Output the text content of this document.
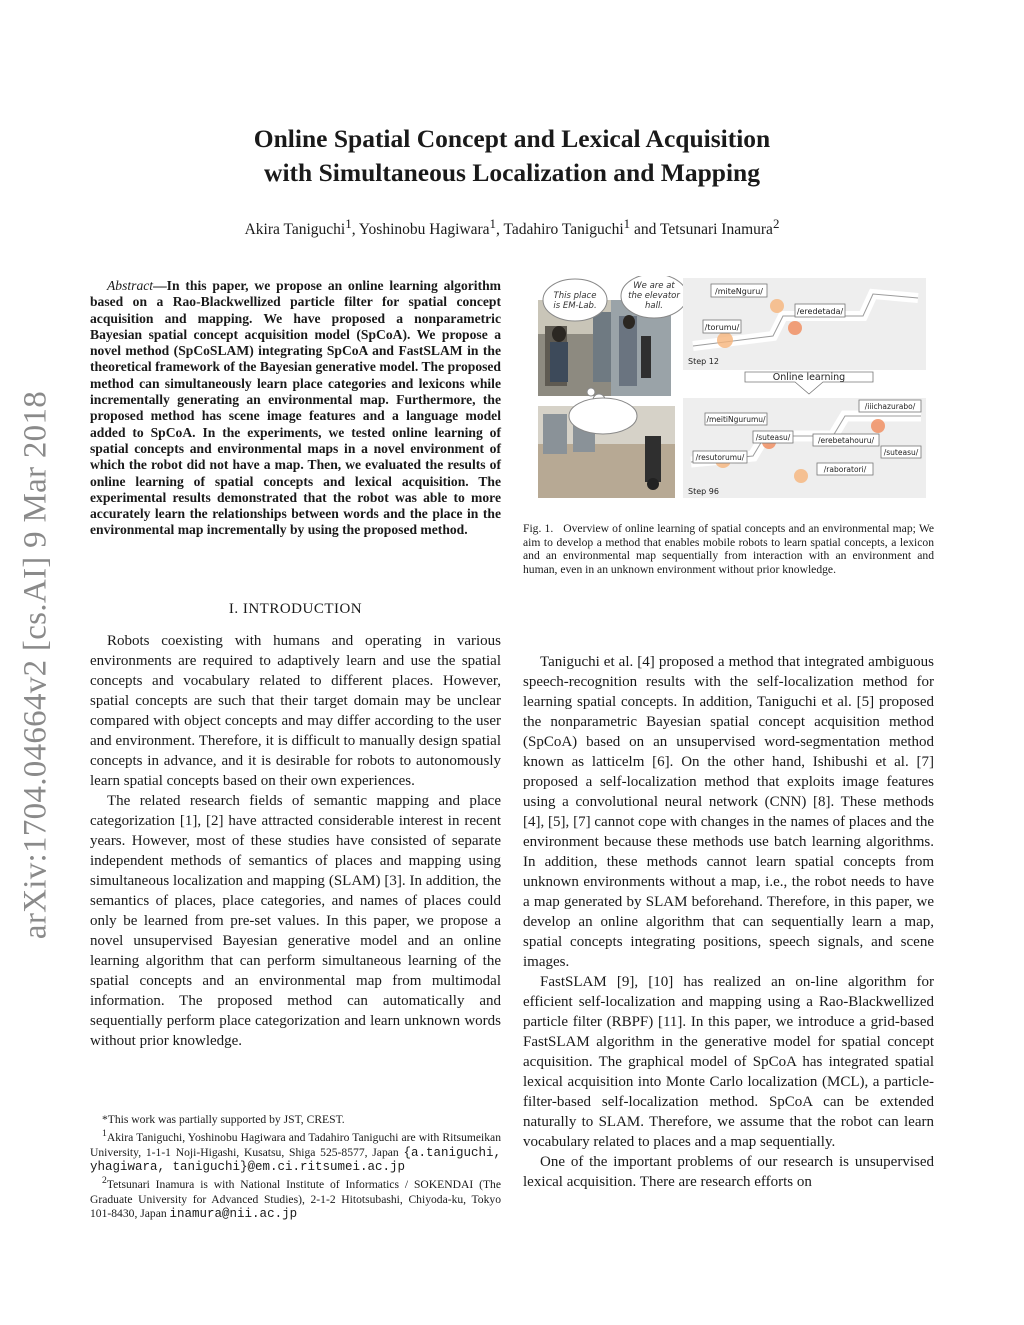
arXiv:1704.04664v2 [cs.AI] 9 Mar 2018
Online Spatial Concept and Lexical Acquisition
with Simultaneous Localization and Mapping
Akira Taniguchi$^1$, Yoshinobu Hagiwara$^1$, Tadahiro Taniguchi$^1$ and Tetsunari Inamura$^2$
Abstract—In this paper, we propose an online learning algorithm based on a Rao-Blackwellized particle filter for spatial concept acquisition and mapping. We have proposed a nonparametric Bayesian spatial concept acquisition model (SpCoA). We propose a novel method (SpCoSLAM) integrating SpCoA and FastSLAM in the theoretical framework of the Bayesian generative model. The proposed method can simultaneously learn place categories and lexicons while incrementally generating an environmental map. Furthermore, the proposed method has scene image features and a language model added to SpCoA. In the experiments, we tested online learning of spatial concepts and environmental maps in a novel environment of which the robot did not have a map. Then, we evaluated the results of online learning of spatial concepts and lexical acquisition. The experimental results demonstrated that the robot was able to more accurately learn the relationships between words and the place in the environmental map incrementally by using the proposed method.
I. INTRODUCTION

Robots coexisting with humans and operating in various environments are required to adaptively learn and use the spatial concepts and vocabulary related to different places. However, spatial concepts are such that their target domain may be unclear compared with object concepts and may differ according to the user and environment. Therefore, it is difficult to manually design spatial concepts in advance, and it is desirable for robots to autonomously learn spatial concepts based on their own experiences.

The related research fields of semantic mapping and place categorization [1], [2] have attracted considerable interest in recent years. However, most of these studies have consisted of separate independent methods of semantics of places and mapping using simultaneous localization and mapping (SLAM) [3]. In addition, the semantics of places, place categories, and names of places could only be learned from pre-set values. In this paper, we propose a novel unsupervised Bayesian generative model and an online learning algorithm that can perform simultaneous learning of the spatial concepts and an environmental map from multimodal information. The proposed method can automatically and sequentially perform place categorization and learn unknown words without prior knowledge.

*This work was partially supported by JST, CREST.

$^1$Akira Taniguchi, Yoshinobu Hagiwara and Tadahiro Taniguchi are with Ritsumeikan University, 1-1-1 Noji-Higashi, Kusatsu, Shiga 525-8577, Japan {a.taniguchi, yhagiwara, taniguchi}@em.ci.ritsumei.ac.jp

$^2$Tetsunari Inamura is with National Institute of Informatics / SOKENDAI (The Graduate University for Advanced Studies), 2-1-2 Hitotsubashi, Chiyoda-ku, Tokyo 101-8430, Japan inamura@nii.ac.jp

This place
is EM-Lab.
We are at
the elevator
hall.
/miteNguru/
/eredetada/
/torumu/
Step 12
Online learning
/iiichazurabo/
/meitiNgurumu/
/suteasu/	/erebetahouru/
/suteasu/
/resutorumu/
/raboratori/
Step 96
Fig. 1. Overview of online learning of spatial concepts and an environmental map; We aim to develop a method that enables mobile robots to learn spatial concepts, a lexicon and an environmental map sequentially from interaction with an environment and human, even in an unknown environment without prior knowledge.

Taniguchi et al. [4] proposed a method that integrated ambiguous speech-recognition results with the self-localization method for learning spatial concepts. In addition, Taniguchi et al. [5] proposed the nonparametric Bayesian spatial concept acquisition method (SpCoA) based on an unsupervised word-segmentation method known as latticelm [6]. On the other hand, Ishibushi et al. [7] proposed a self-localization method that exploits image features using a convolutional neural network (CNN) [8]. These methods [4], [5], [7] cannot cope with changes in the names of places and the environment because these methods use batch learning algorithms. In addition, these methods cannot learn spatial concepts from unknown environments without a map, i.e., the robot needs to have a map generated by SLAM beforehand. Therefore, in this paper, we develop an online algorithm that can sequentially learn a map, spatial concepts integrating positions, speech signals, and scene images.

FastSLAM [9], [10] has realized an on-line algorithm for efficient self-localization and mapping using a Rao-Blackwellized particle filter (RBPF) [11]. In this paper, we introduce a grid-based FastSLAM algorithm in the generative model for spatial concept acquisition. The graphical model of SpCoA has integrated spatial lexical acquisition into Monte Carlo localization (MCL), a particle-filter-based self-localization method. SpCoA can be extended naturally to SLAM. Therefore, we assume that the robot can learn vocabulary related to places and a map sequentially.

One of the important problems of our research is unsupervised lexical acquisition. There are research efforts on
